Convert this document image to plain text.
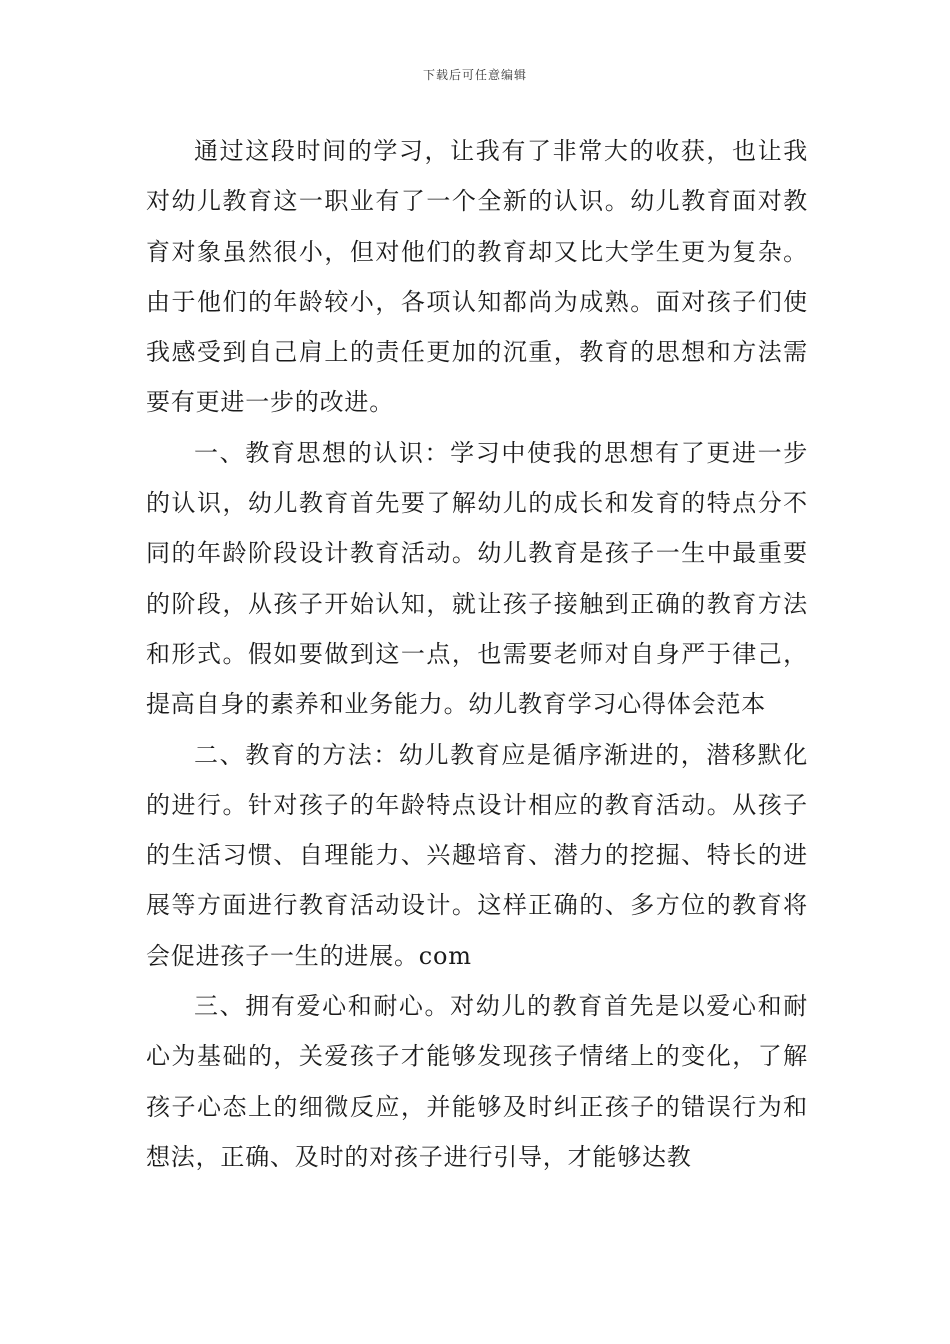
下载后可任意编辑

通过这段时间的学习，让我有了非常大的收获，也让我对幼儿教育这一职业有了一个全新的认识。幼儿教育面对教育对象虽然很小，但对他们的教育却又比大学生更为复杂。由于他们的年龄较小，各项认知都尚为成熟。面对孩子们使我感受到自己肩上的责任更加的沉重，教育的思想和方法需要有更进一步的改进。

一、教育思想的认识：学习中使我的思想有了更进一步的认识，幼儿教育首先要了解幼儿的成长和发育的特点分不同的年龄阶段设计教育活动。幼儿教育是孩子一生中最重要的阶段，从孩子开始认知，就让孩子接触到正确的教育方法和形式。假如要做到这一点，也需要老师对自身严于律己，提高自身的素养和业务能力。幼儿教育学习心得体会范本

二、教育的方法：幼儿教育应是循序渐进的，潜移默化的进行。针对孩子的年龄特点设计相应的教育活动。从孩子的生活习惯、自理能力、兴趣培育、潜力的挖掘、特长的进展等方面进行教育活动设计。这样正确的、多方位的教育将会促进孩子一生的进展。com

三、拥有爱心和耐心。对幼儿的教育首先是以爱心和耐心为基础的，关爱孩子才能够发现孩子情绪上的变化，了解孩子心态上的细微反应，并能够及时纠正孩子的错误行为和想法，正确、及时的对孩子进行引导，才能够达教
